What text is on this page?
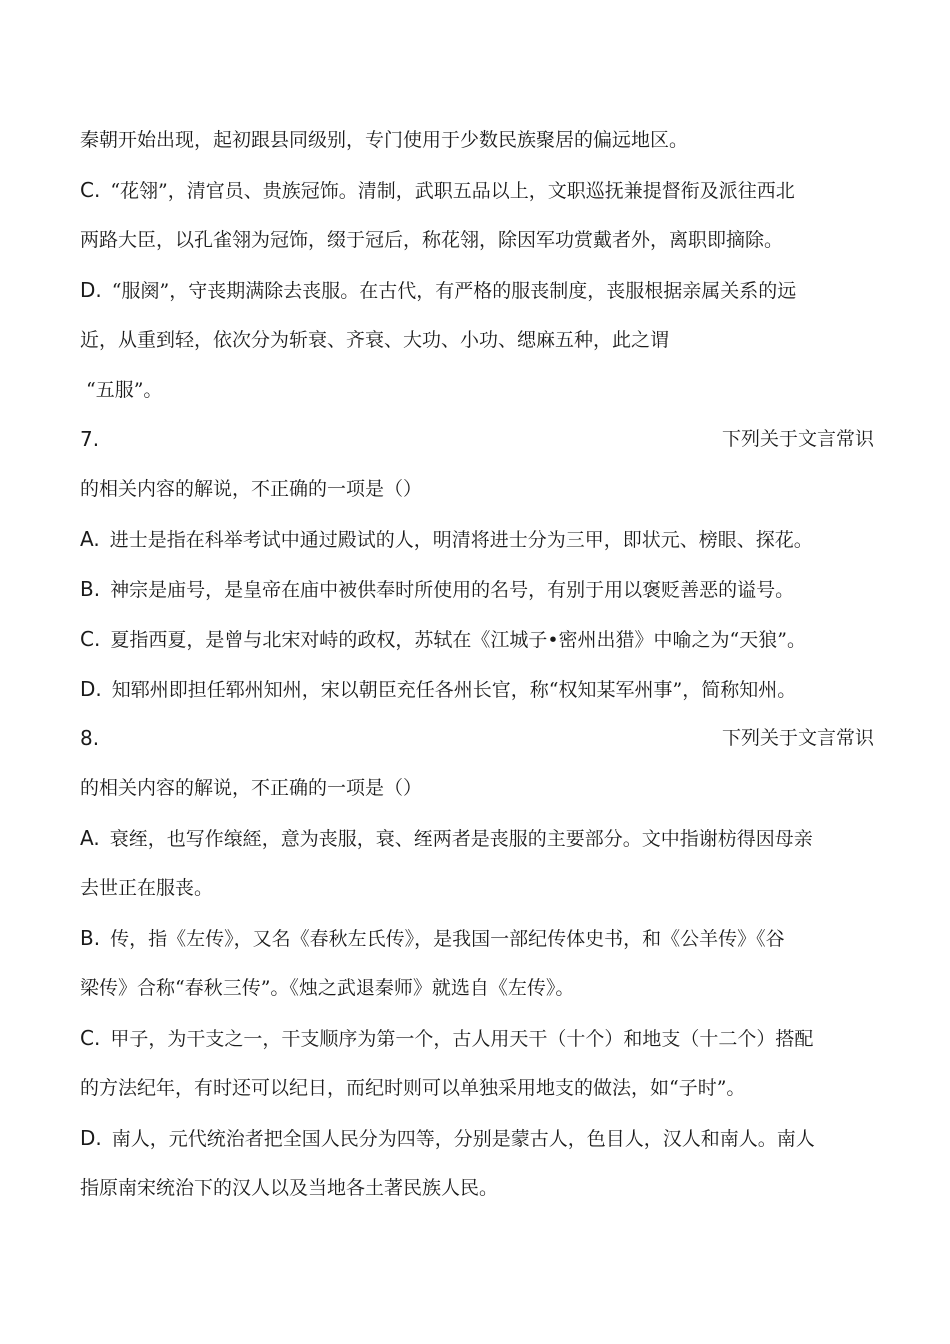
秦朝开始出现，起初跟县同级别，专门使用于少数民族聚居的偏远地区。
C. “花翎”，清官员、贵族冠饰。清制，武职五品以上，文职巡抚兼提督衔及派往西北
两路大臣，以孔雀翎为冠饰，缀于冠后，称花翎，除因军功赏戴者外，离职即摘除。
D. “服阕”，守丧期满除去丧服。在古代，有严格的服丧制度，丧服根据亲属关系的远
近，从重到轻，依次分为斩衰、齐衰、大功、小功、缌麻五种，此之谓
“五服”。
7.	下列关于文言常识
的相关内容的解说，不正确的一项是（）
A. 进士是指在科举考试中通过殿试的人，明清将进士分为三甲，即状元、榜眼、探花。
B. 神宗是庙号，是皇帝在庙中被供奉时所使用的名号，有别于用以褒贬善恶的谥号。
C. 夏指西夏，是曾与北宋对峙的政权，苏轼在《江城子•密州出猎》中喻之为“天狼”。
D. 知郓州即担任郓州知州，宋以朝臣充任各州长官，称“权知某军州事”，简称知州。
8.	下列关于文言常识
的相关内容的解说，不正确的一项是（）
A. 衰绖，也写作缞絰，意为丧服，衰、绖两者是丧服的主要部分。文中指谢枋得因母亲
去世正在服丧。
B. 传，指《左传》，又名《春秋左氏传》，是我国一部纪传体史书，和《公羊传》《谷
梁传》合称“春秋三传”。《烛之武退秦师》就选自《左传》。
C. 甲子，为干支之一，干支顺序为第一个，古人用天干（十个）和地支（十二个）搭配
的方法纪年，有时还可以纪日，而纪时则可以单独采用地支的做法，如“子时”。
D. 南人，元代统治者把全国人民分为四等，分别是蒙古人，色目人，汉人和南人。南人
指原南宋统治下的汉人以及当地各土著民族人民。
